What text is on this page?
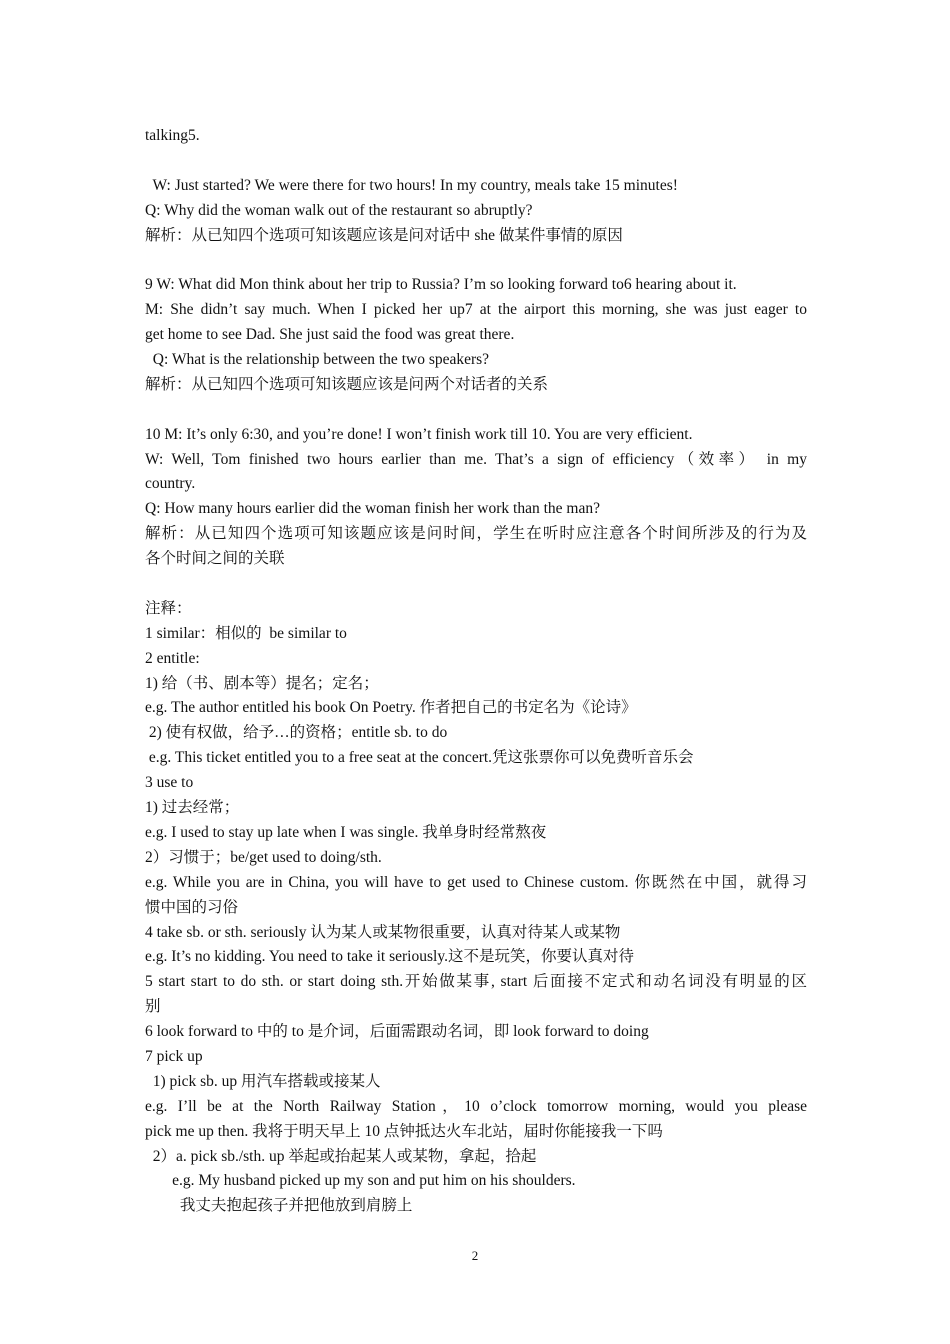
talking5.
W: Just started? We were there for two hours! In my country, meals take 15 minutes!
Q: Why did the woman walk out of the restaurant so abruptly?
解析：从已知四个选项可知该题应该是问对话中 she 做某件事情的原因
9 W: What did Mon think about her trip to Russia? I’m so looking forward to6 hearing about it.
M: She didn’t say much. When I picked her up7 at the airport this morning, she was just eager to
get home to see Dad. She just said the food was great there.
Q: What is the relationship between the two speakers?
解析：从已知四个选项可知该题应该是问两个对话者的关系
10 M: It’s only 6:30, and you’re done! I won’t finish work till 10. You are very efficient.
W: Well, Tom finished two hours earlier than me. That’s a sign of efficiency（效率） in my
country.
Q: How many hours earlier did the woman finish her work than the man?
解析：从已知四个选项可知该题应该是问时间，学生在听时应注意各个时间所涉及的行为及
各个时间之间的关联
注释：
1 similar：相似的  be similar to
2 entitle:
1) 给（书、剧本等）提名；定名；
e.g. The author entitled his book On Poetry. 作者把自己的书定名为《论诗》
2) 使有权做，给予…的资格；entitle sb. to do
e.g. This ticket entitled you to a free seat at the concert.凭这张票你可以免费听音乐会
3 use to
1) 过去经常；
e.g. I used to stay up late when I was single. 我单身时经常熬夜
2）习惯于；be/get used to doing/sth.
e.g. While you are in China, you will have to get used to Chinese custom. 你既然在中国，就得习
惯中国的习俗
4 take sb. or sth. seriously 认为某人或某物很重要，认真对待某人或某物
e.g. It’s no kidding. You need to take it seriously.这不是玩笑，你要认真对待
5 start start to do sth. or start doing sth.开始做某事, start 后面接不定式和动名词没有明显的区
别
6 look forward to 中的 to 是介词，后面需跟动名词，即 look forward to doing
7 pick up
1) pick sb. up 用汽车搭载或接某人
e.g. I’ll be at the North Railway Station，10 o’clock tomorrow morning, would you please
pick me up then. 我将于明天早上 10 点钟抵达火车北站，届时你能接我一下吗
2）a. pick sb./sth. up 举起或抬起某人或某物，拿起，拾起
e.g. My husband picked up my son and put him on his shoulders.
我丈夫抱起孩子并把他放到肩膀上
2
